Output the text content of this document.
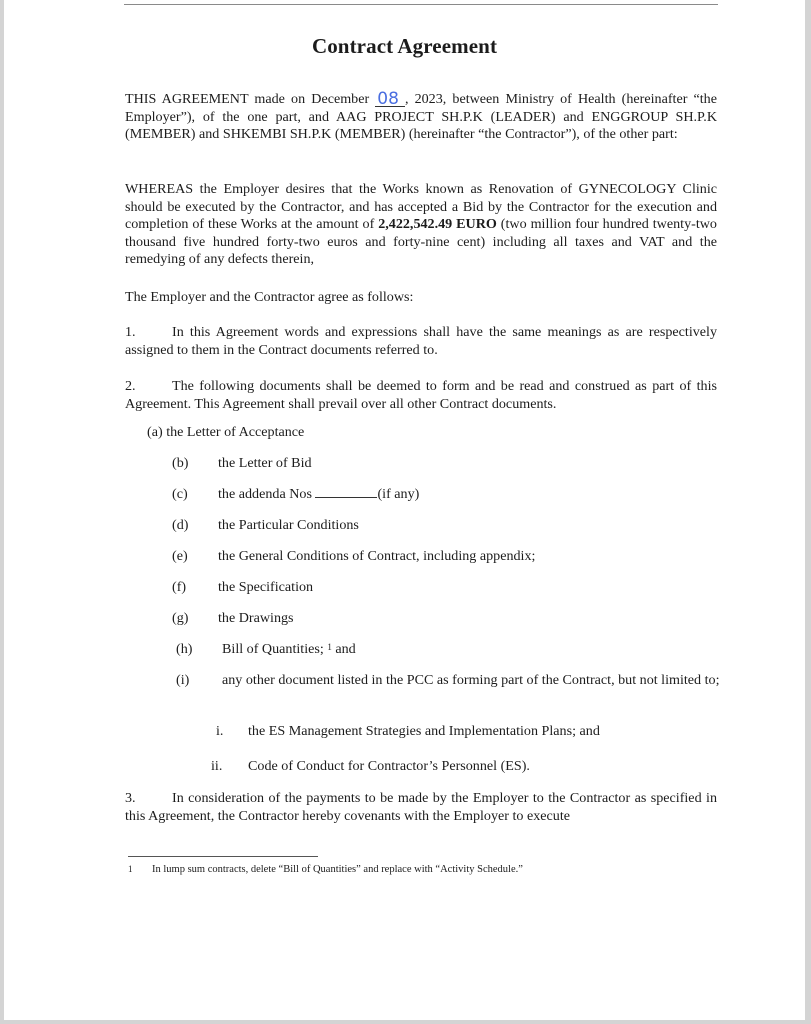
Contract Agreement

THIS AGREEMENT made on December 08 , 2023, between Ministry of Health (hereinafter “the Employer”), of the one part, and AAG PROJECT SH.P.K (LEADER) and ENGGROUP SH.P.K (MEMBER) and SHKEMBI SH.P.K (MEMBER) (hereinafter “the Contractor”), of the other part:

WHEREAS the Employer desires that the Works known as Renovation of GYNECOLOGY Clinic should be executed by the Contractor, and has accepted a Bid by the Contractor for the execution and completion of these Works at the amount of 2,422,542.49 EURO (two million four hundred twenty-two thousand five hundred forty-two euros and forty-nine cent) including all taxes and VAT and the remedying of any defects therein,

The Employer and the Contractor agree as follows:

1.	In this Agreement words and expressions shall have the same meanings as are respectively assigned to them in the Contract documents referred to.

2.	The following documents shall be deemed to form and be read and construed as part of this Agreement. This Agreement shall prevail over all other Contract documents.

(a) the Letter of Acceptance
(b) the Letter of Bid
(c) the addenda Nos	(if any)
(d) the Particular Conditions
(e) the General Conditions of Contract, including appendix;
(f) the Specification
(g) the Drawings
(h) Bill of Quantities; $^1$ and
(i) any other document listed in the PCC as forming part of the Contract, but not limited to;
i. the ES Management Strategies and Implementation Plans; and
ii. Code of Conduct for Contractor’s Personnel (ES).

3.	In consideration of the payments to be made by the Employer to the Contractor as specified in this Agreement, the Contractor hereby covenants with the Employer to execute

1 In lump sum contracts, delete “Bill of Quantities” and replace with “Activity Schedule.”
